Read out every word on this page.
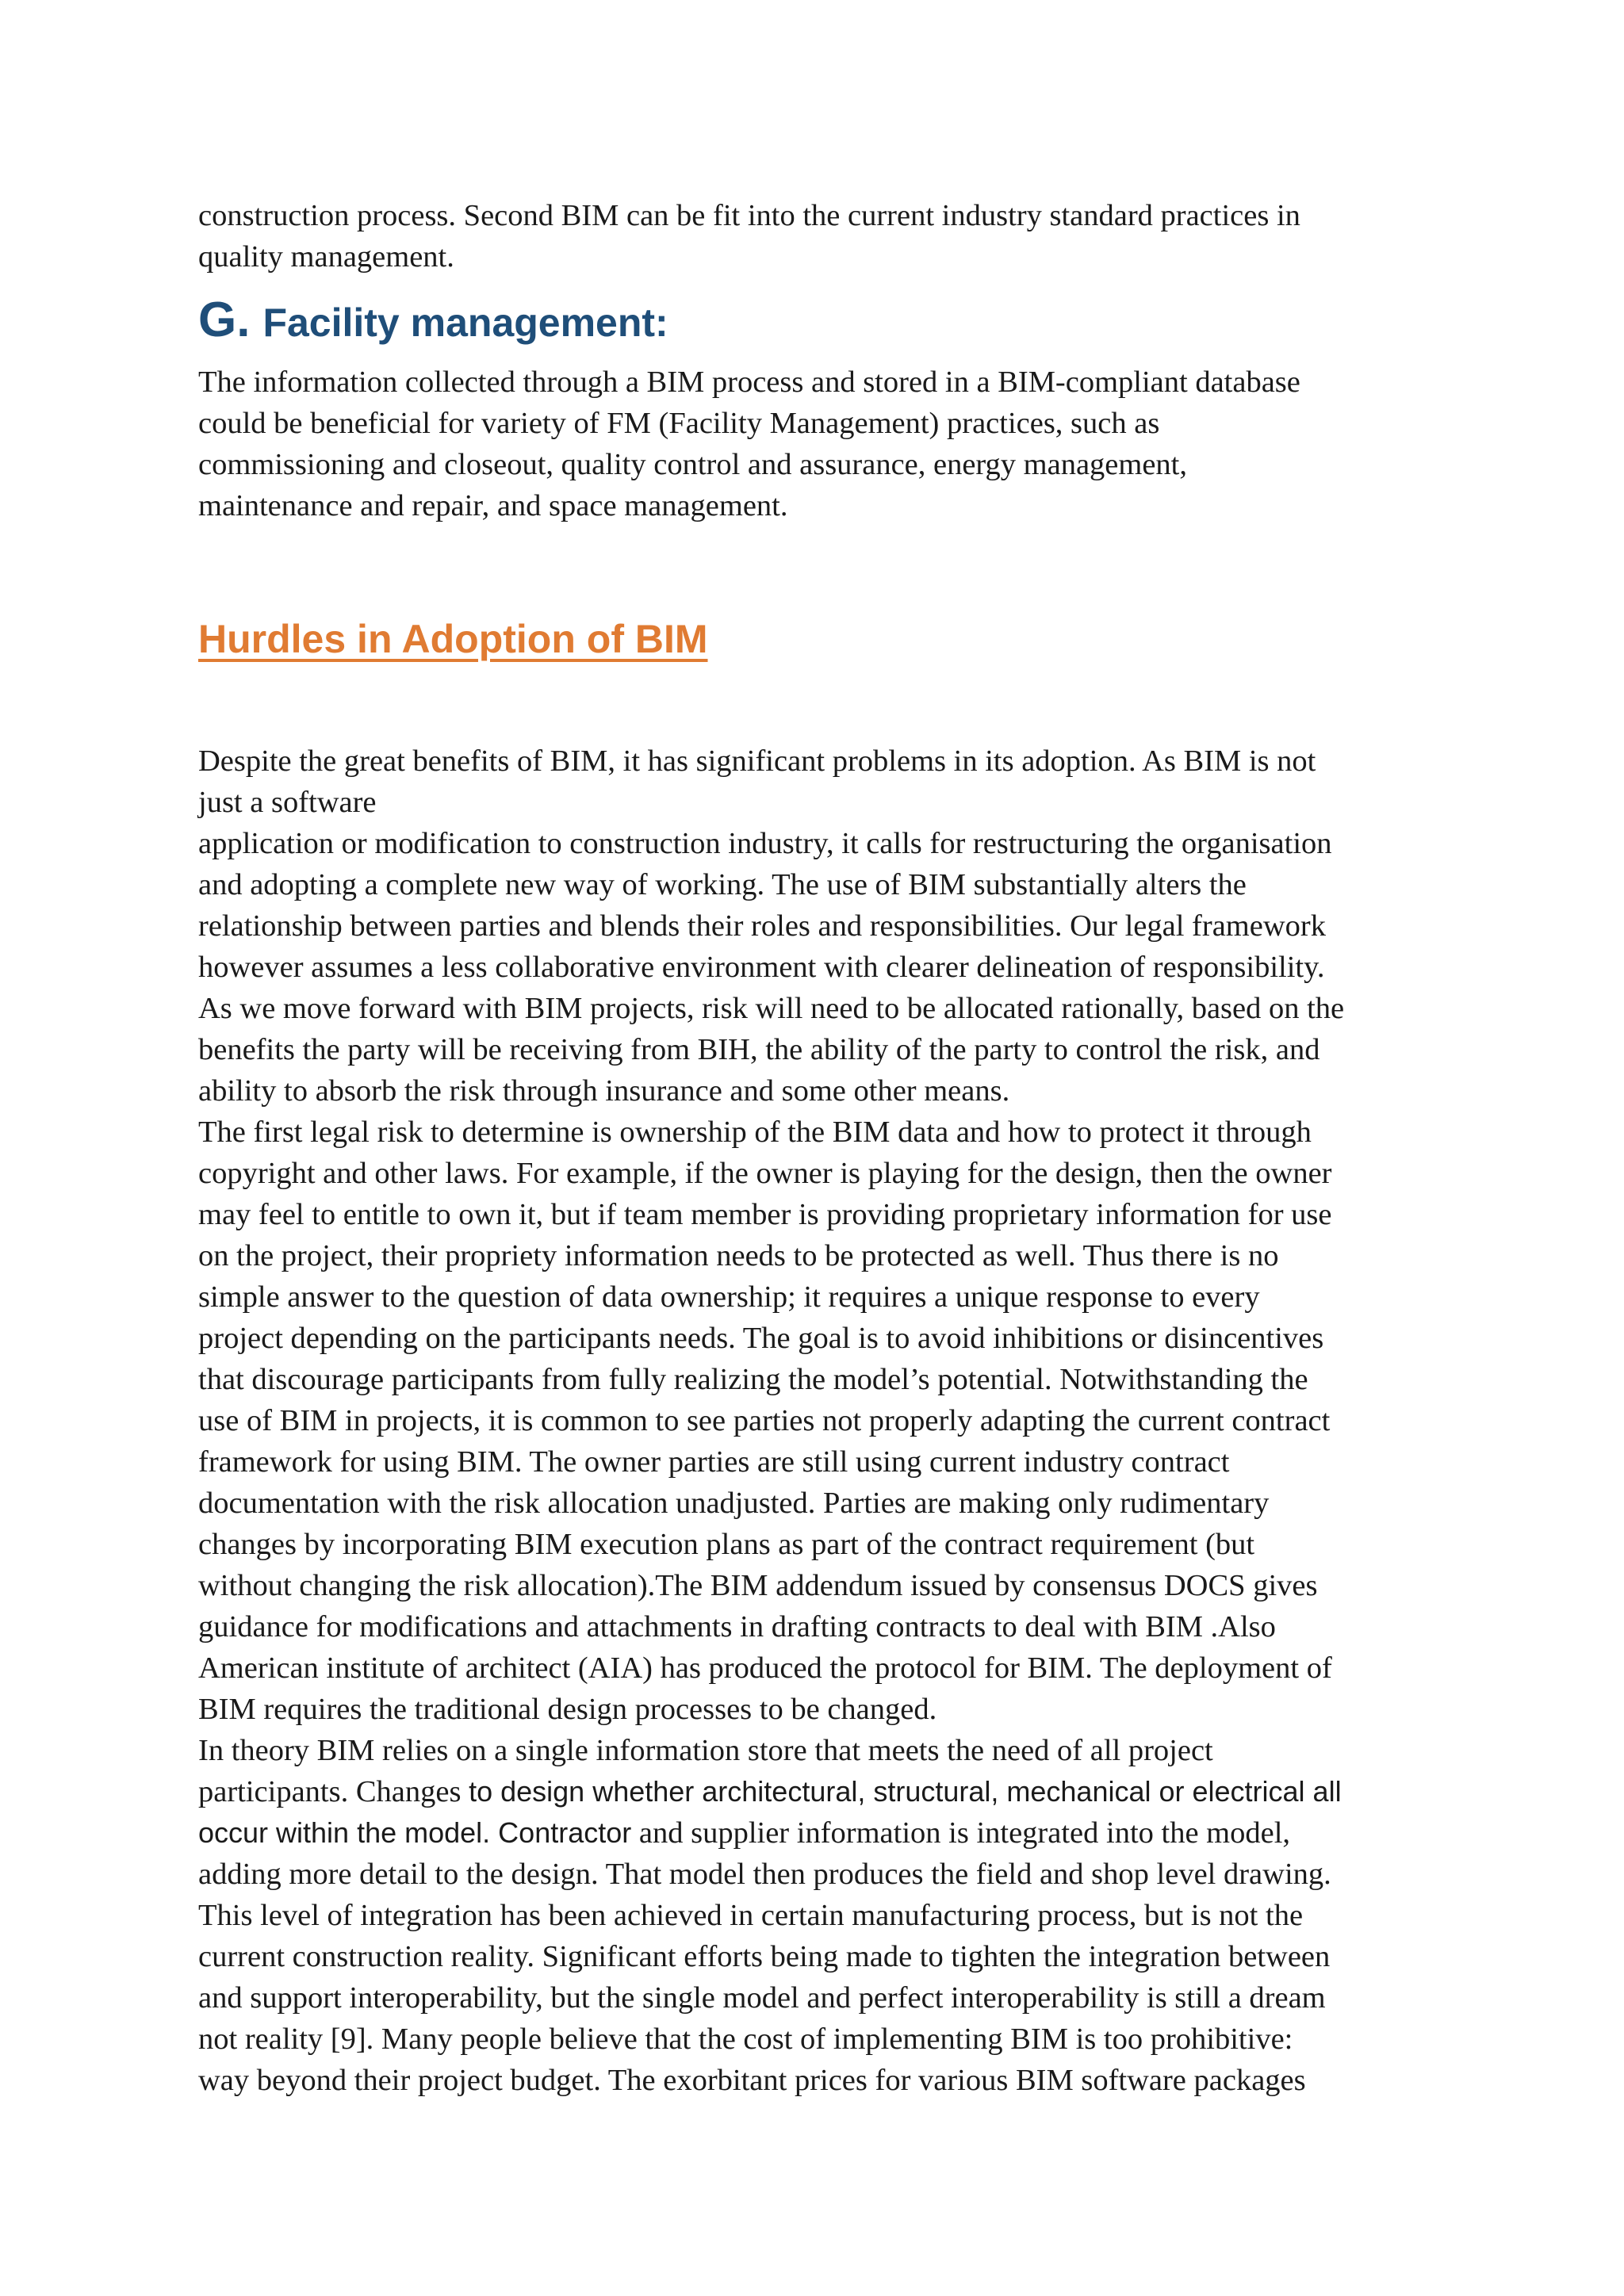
construction process. Second BIM can be fit into the current industry standard practices in
quality management.

G. Facility management:

The information collected through a BIM process and stored in a BIM-compliant database
could be beneficial for variety of FM (Facility Management) practices, such as
commissioning and closeout, quality control and assurance, energy management,
maintenance and repair, and space management.

Hurdles in Adoption of BIM

Despite the great benefits of BIM, it has significant problems in its adoption. As BIM is not
just a software
application or modification to construction industry, it calls for restructuring the organisation
and adopting a complete new way of working. The use of BIM substantially alters the
relationship between parties and blends their roles and responsibilities. Our legal framework
however assumes a less collaborative environment with clearer delineation of responsibility.
As we move forward with BIM projects, risk will need to be allocated rationally, based on the
benefits the party will be receiving from BIH, the ability of the party to control the risk, and
ability to absorb the risk through insurance and some other means.
The first legal risk to determine is ownership of the BIM data and how to protect it through
copyright and other laws. For example, if the owner is playing for the design, then the owner
may feel to entitle to own it, but if team member is providing proprietary information for use
on the project, their propriety information needs to be protected as well. Thus there is no
simple answer to the question of data ownership; it requires a unique response to every
project depending on the participants needs. The goal is to avoid inhibitions or disincentives
that discourage participants from fully realizing the model’s potential. Notwithstanding the
use of BIM in projects, it is common to see parties not properly adapting the current contract
framework for using BIM. The owner parties are still using current industry contract
documentation with the risk allocation unadjusted. Parties are making only rudimentary
changes by incorporating BIM execution plans as part of the contract requirement (but
without changing the risk allocation).The BIM addendum issued by consensus DOCS gives
guidance for modifications and attachments in drafting contracts to deal with BIM .Also
American institute of architect (AIA) has produced the protocol for BIM. The deployment of
BIM requires the traditional design processes to be changed.
In theory BIM relies on a single information store that meets the need of all project
participants. Changes to design whether architectural, structural, mechanical or electrical all
occur within the model. Contractor and supplier information is integrated into the model,
adding more detail to the design. That model then produces the field and shop level drawing.
This level of integration has been achieved in certain manufacturing process, but is not the
current construction reality. Significant efforts being made to tighten the integration between
and support interoperability, but the single model and perfect interoperability is still a dream
not reality [9]. Many people believe that the cost of implementing BIM is too prohibitive:
way beyond their project budget. The exorbitant prices for various BIM software packages
